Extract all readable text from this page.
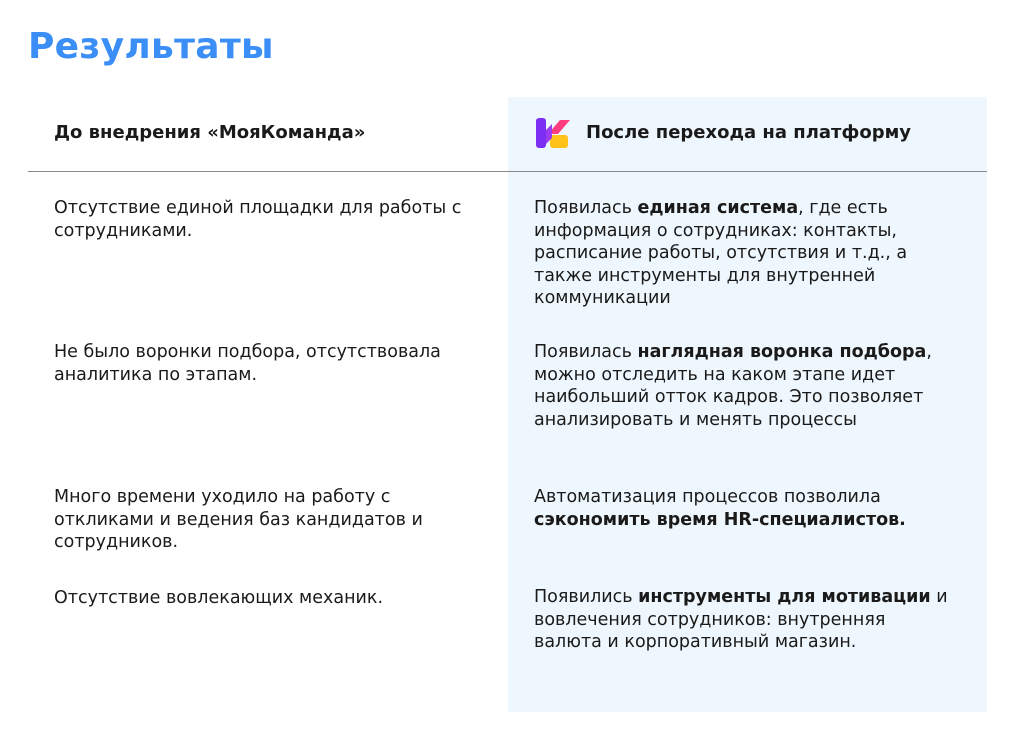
Результаты
До внедрения «МояКоманда»	После перехода на платформу
Отсутствие единой площадки для работы с сотрудниками.
Появилась единая система, где есть информация о сотрудниках: контакты, расписание работы, отсутствия и т.д., а также инструменты для внутренней коммуникации
Не было воронки подбора, отсутствовала аналитика по этапам.
Появилась наглядная воронка подбора, можно отследить на каком этапе идет наибольший отток кадров. Это позволяет анализировать и менять процессы
Много времени уходило на работу с откликами и ведения баз кандидатов и сотрудников.
Автоматизация процессов позволила сэкономить время HR-специалистов.
Отсутствие вовлекающих механик.	Появились инструменты для мотивации и вовлечения сотрудников: внутренняя валюта и корпоративный магазин.
